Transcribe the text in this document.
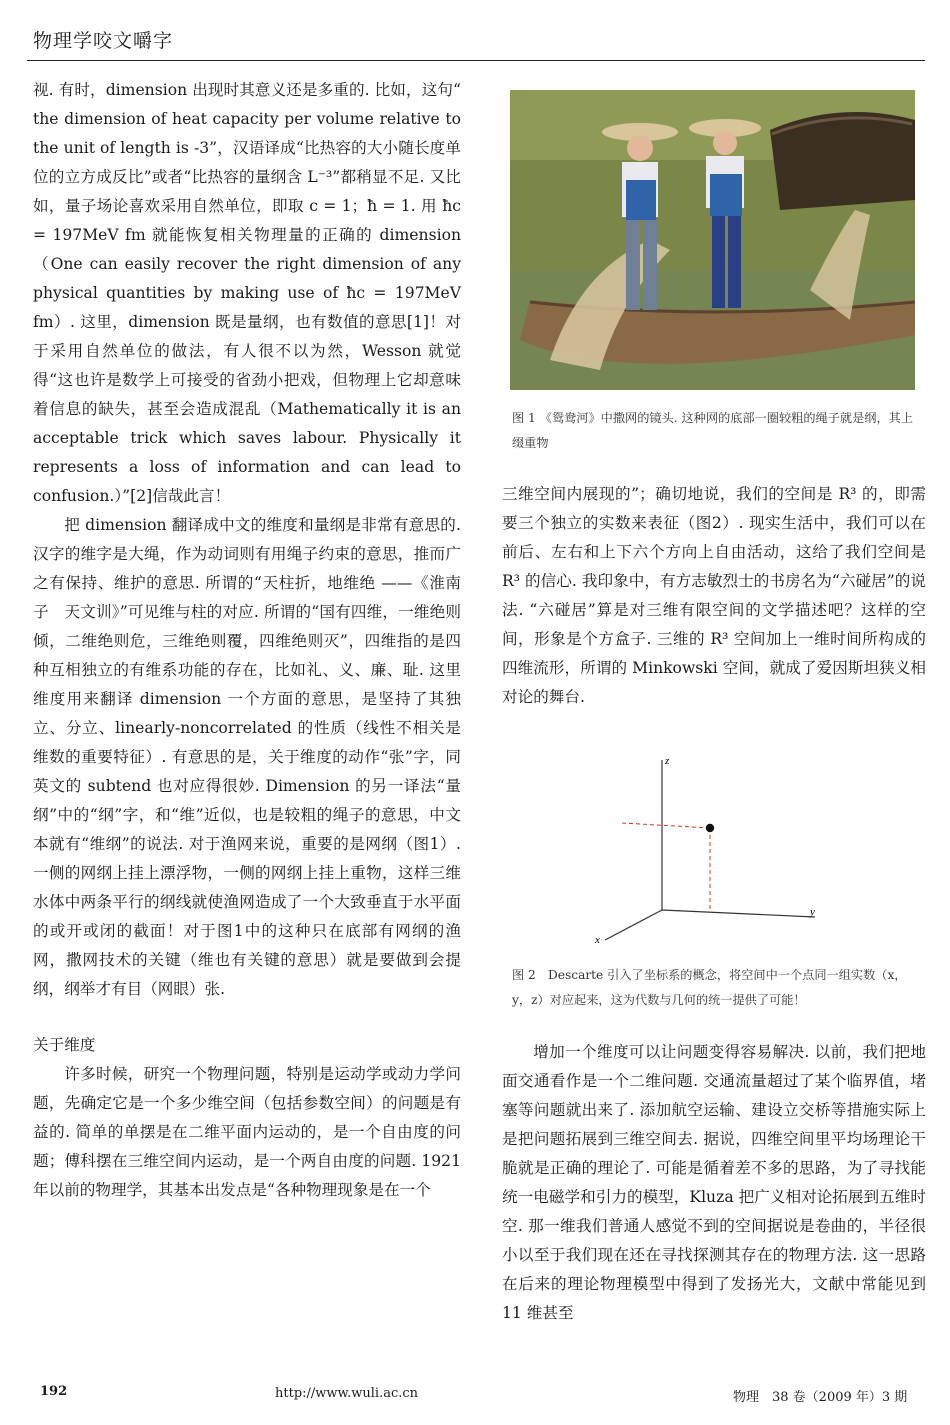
物理学咬文嚼字

视. 有时，dimension 出现时其意义还是多重的. 比如，这句“ the dimension of heat capacity per volume relative to the unit of length is -3”，汉语译成“比热容的大小随长度单位的立方成反比”或者“比热容的量纲含 L⁻³”都稍显不足. 又比如，量子场论喜欢采用自然单位，即取 c = 1；ħ = 1. 用 ħc = 197MeV fm 就能恢复相关物理量的正确的 dimension（One can easily recover the right dimension of any physical quantities by making use of ħc = 197MeV fm）. 这里，dimension 既是量纲，也有数值的意思[1]！对于采用自然单位的做法，有人很不以为然，Wesson 就觉得“这也许是数学上可接受的省劲小把戏，但物理上它却意味着信息的缺失，甚至会造成混乱（Mathematically it is an acceptable trick which saves labour. Physically it represents a loss of information and can lead to confusion.）”[2]信哉此言！

把 dimension 翻译成中文的维度和量纲是非常有意思的. 汉字的维字是大绳，作为动词则有用绳子约束的意思，推而广之有保持、维护的意思. 所谓的“天柱折，地维绝 ——《淮南子　天文训》”可见维与柱的对应. 所谓的“国有四维，一维绝则倾，二维绝则危，三维绝则覆，四维绝则灭”，四维指的是四种互相独立的有维系功能的存在，比如礼、义、廉、耻. 这里维度用来翻译 dimension 一个方面的意思，是坚持了其独立、分立、linearly-noncorrelated 的性质（线性不相关是维数的重要特征）. 有意思的是，关于维度的动作“张”字，同英文的 subtend 也对应得很妙. Dimension 的另一译法“量纲”中的“纲”字，和“维”近似，也是较粗的绳子的意思，中文本就有“维纲”的说法. 对于渔网来说，重要的是网纲（图1）. 一侧的网纲上挂上漂浮物，一侧的网纲上挂上重物，这样三维水体中两条平行的纲线就使渔网造成了一个大致垂直于水平面的或开或闭的截面！对于图1中的这种只在底部有网纲的渔网，撒网技术的关键（维也有关键的意思）就是要做到会提纲，纲举才有目（网眼）张.

关于维度

许多时候，研究一个物理问题，特别是运动学或动力学问题，先确定它是一个多少维空间（包括参数空间）的问题是有益的. 简单的单摆是在二维平面内运动的，是一个自由度的问题；傅科摆在三维空间内运动，是一个两自由度的问题. 1921 年以前的物理学，其基本出发点是“各种物理现象是在一个

图 1 《鸳鸯河》中撒网的镜头. 这种网的底部一圈较粗的绳子就是纲，其上缀重物

三维空间内展现的”；确切地说，我们的空间是 R³ 的，即需要三个独立的实数来表征（图2）. 现实生活中，我们可以在前后、左右和上下六个方向上自由活动，这给了我们空间是 R³ 的信心. 我印象中，有方志敏烈士的书房名为“六碰居”的说法. “六碰居”算是对三维有限空间的文学描述吧？这样的空间，形象是个方盒子. 三维的 R³ 空间加上一维时间所构成的四维流形，所谓的 Minkowski 空间，就成了爱因斯坦狭义相对论的舞台.

z
y
x
图 2　Descarte 引入了坐标系的概念，将空间中一个点同一组实数（x，y，z）对应起来，这为代数与几何的统一提供了可能！

增加一个维度可以让问题变得容易解决. 以前，我们把地面交通看作是一个二维问题. 交通流量超过了某个临界值，堵塞等问题就出来了. 添加航空运输、建设立交桥等措施实际上是把问题拓展到三维空间去. 据说，四维空间里平均场理论干脆就是正确的理论了. 可能是循着差不多的思路，为了寻找能统一电磁学和引力的模型，Kluza 把广义相对论拓展到五维时空. 那一维我们普通人感觉不到的空间据说是卷曲的，半径很小以至于我们现在还在寻找探测其存在的物理方法. 这一思路在后来的理论物理模型中得到了发扬光大，文献中常能见到 11 维甚至

192	http://www.wuli.ac.cn	物理　38 卷（2009 年）3 期
